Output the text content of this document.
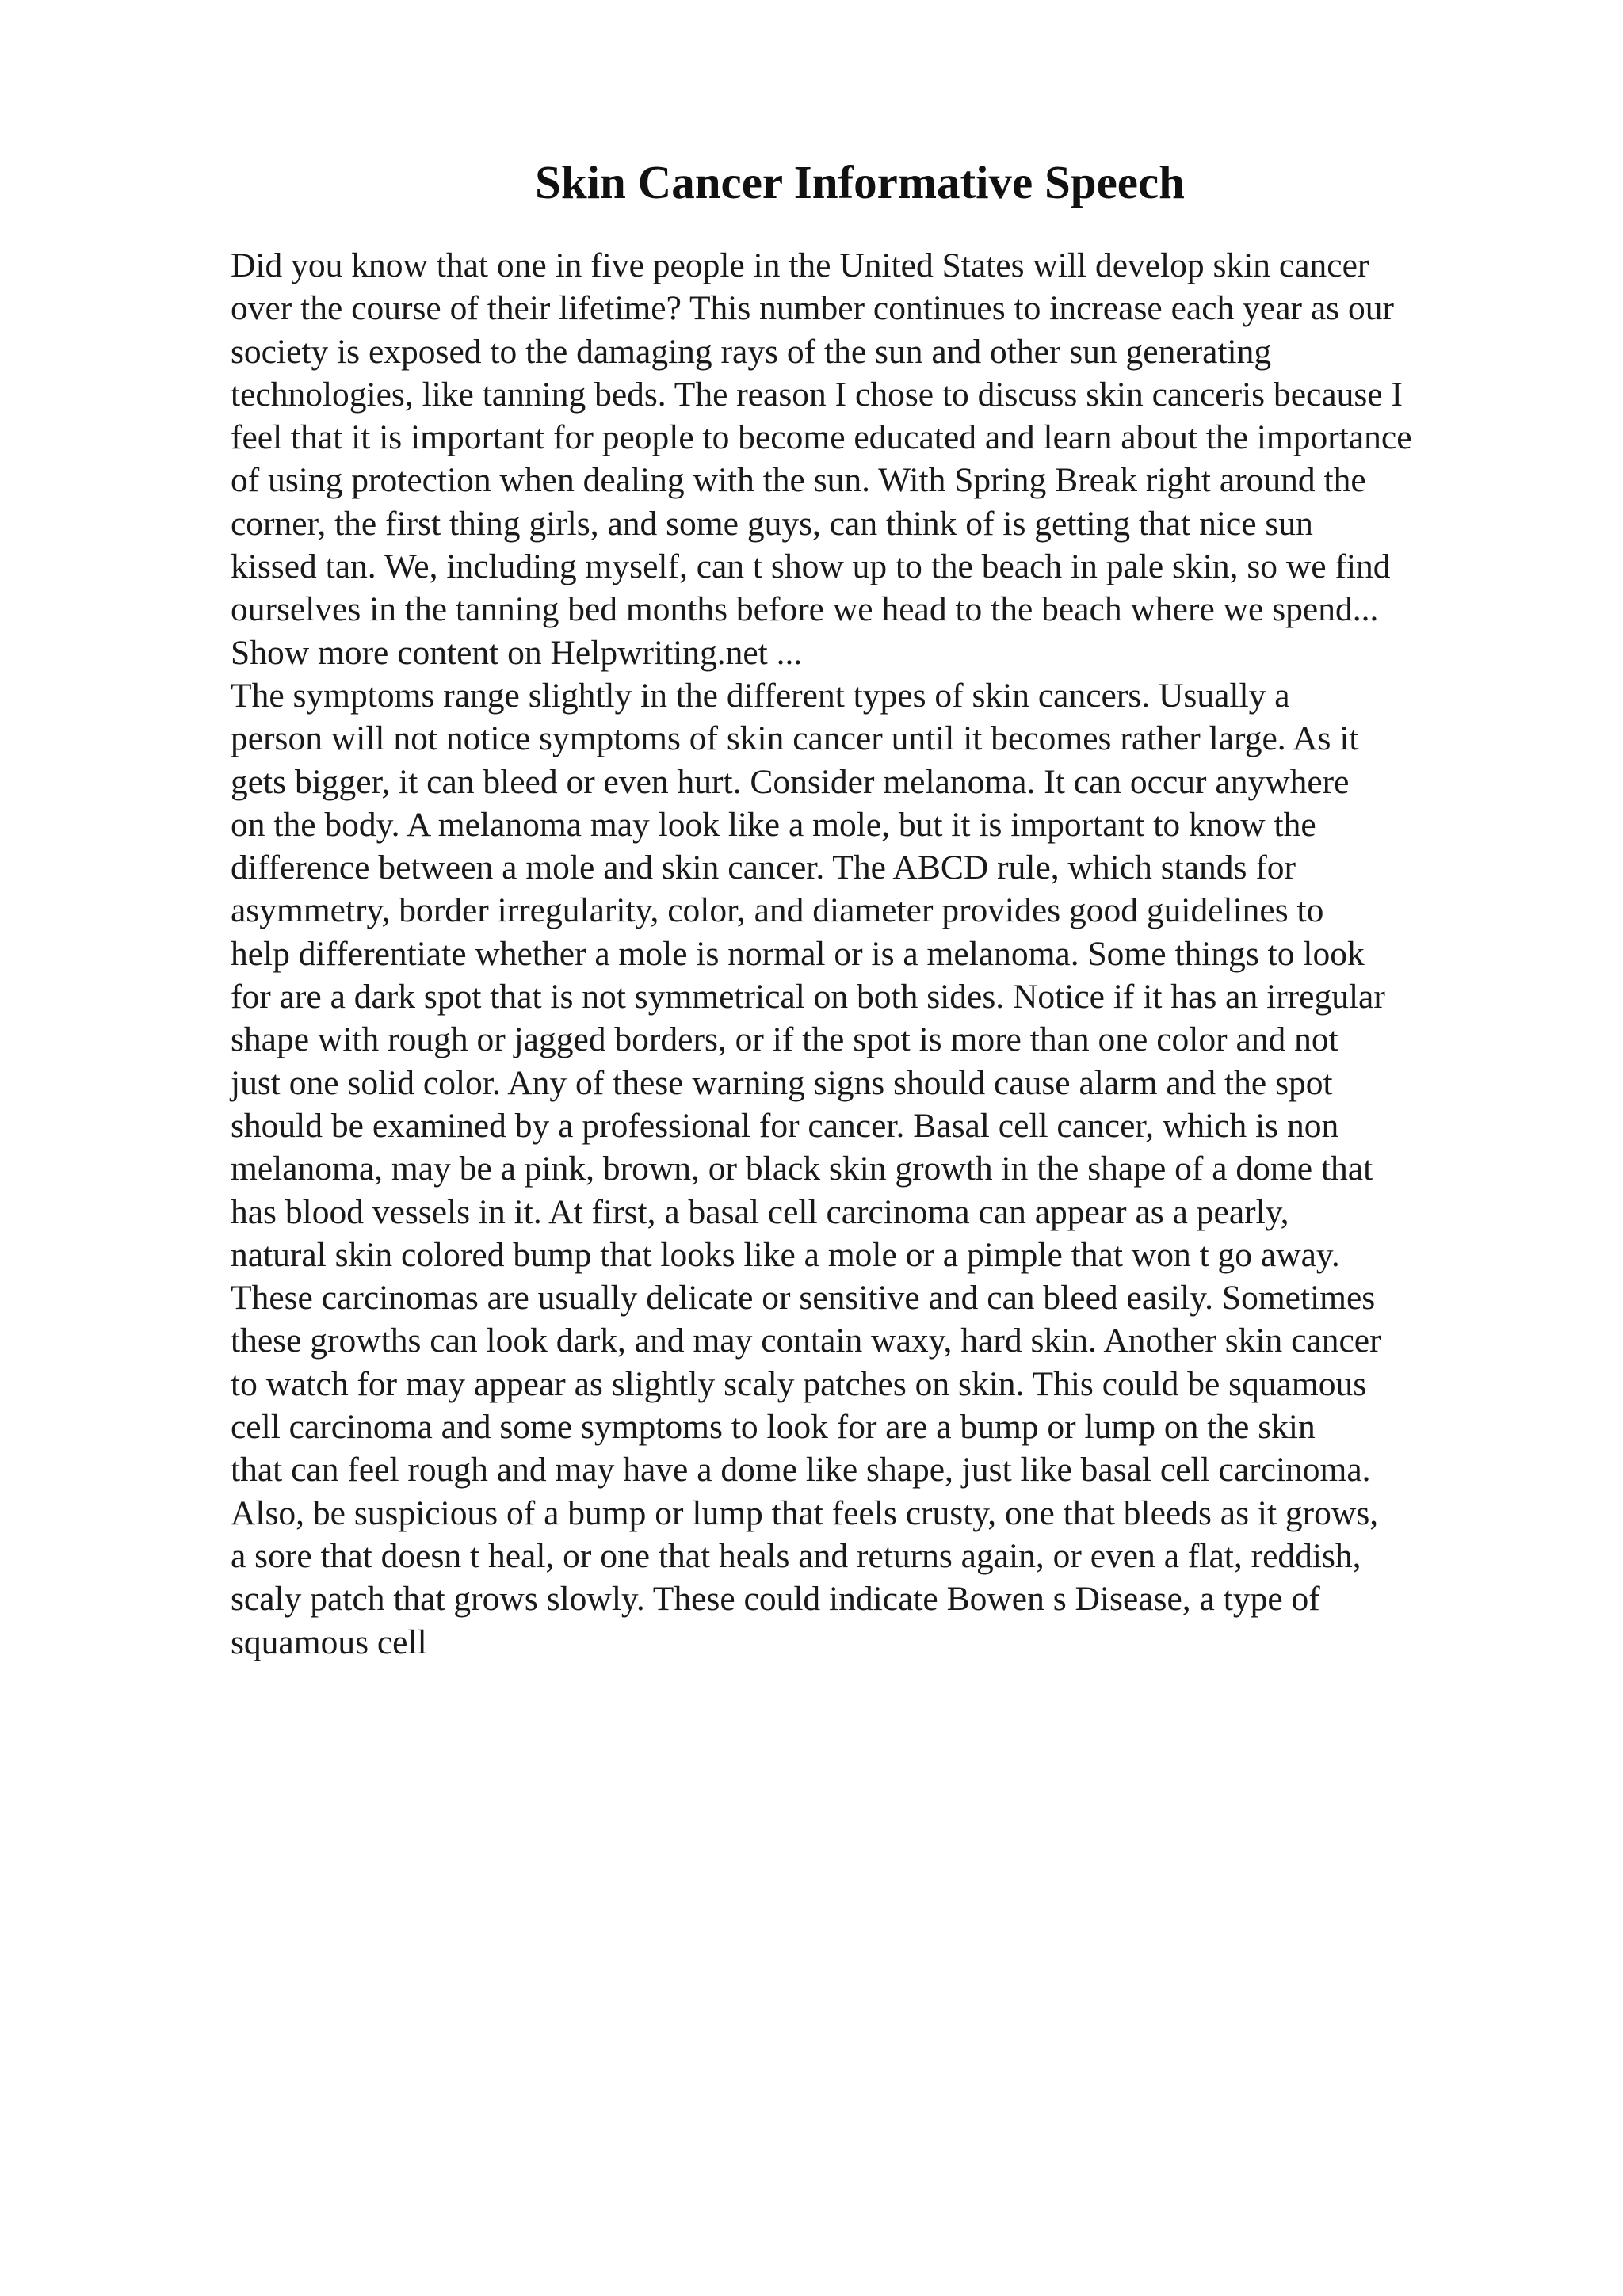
Skin Cancer Informative Speech
Did you know that one in five people in the United States will develop skin cancer
over the course of their lifetime? This number continues to increase each year as our
society is exposed to the damaging rays of the sun and other sun generating
technologies, like tanning beds. The reason I chose to discuss skin canceris because I
feel that it is important for people to become educated and learn about the importance
of using protection when dealing with the sun. With Spring Break right around the
corner, the first thing girls, and some guys, can think of is getting that nice sun
kissed tan. We, including myself, can t show up to the beach in pale skin, so we find
ourselves in the tanning bed months before we head to the beach where we spend...
Show more content on Helpwriting.net ...
The symptoms range slightly in the different types of skin cancers. Usually a
person will not notice symptoms of skin cancer until it becomes rather large. As it
gets bigger, it can bleed or even hurt. Consider melanoma. It can occur anywhere
on the body. A melanoma may look like a mole, but it is important to know the
difference between a mole and skin cancer. The ABCD rule, which stands for
asymmetry, border irregularity, color, and diameter provides good guidelines to
help differentiate whether a mole is normal or is a melanoma. Some things to look
for are a dark spot that is not symmetrical on both sides. Notice if it has an irregular
shape with rough or jagged borders, or if the spot is more than one color and not
just one solid color. Any of these warning signs should cause alarm and the spot
should be examined by a professional for cancer. Basal cell cancer, which is non
melanoma, may be a pink, brown, or black skin growth in the shape of a dome that
has blood vessels in it. At first, a basal cell carcinoma can appear as a pearly,
natural skin colored bump that looks like a mole or a pimple that won t go away.
These carcinomas are usually delicate or sensitive and can bleed easily. Sometimes
these growths can look dark, and may contain waxy, hard skin. Another skin cancer
to watch for may appear as slightly scaly patches on skin. This could be squamous
cell carcinoma and some symptoms to look for are a bump or lump on the skin
that can feel rough and may have a dome like shape, just like basal cell carcinoma.
Also, be suspicious of a bump or lump that feels crusty, one that bleeds as it grows,
a sore that doesn t heal, or one that heals and returns again, or even a flat, reddish,
scaly patch that grows slowly. These could indicate Bowen s Disease, a type of
squamous cell
